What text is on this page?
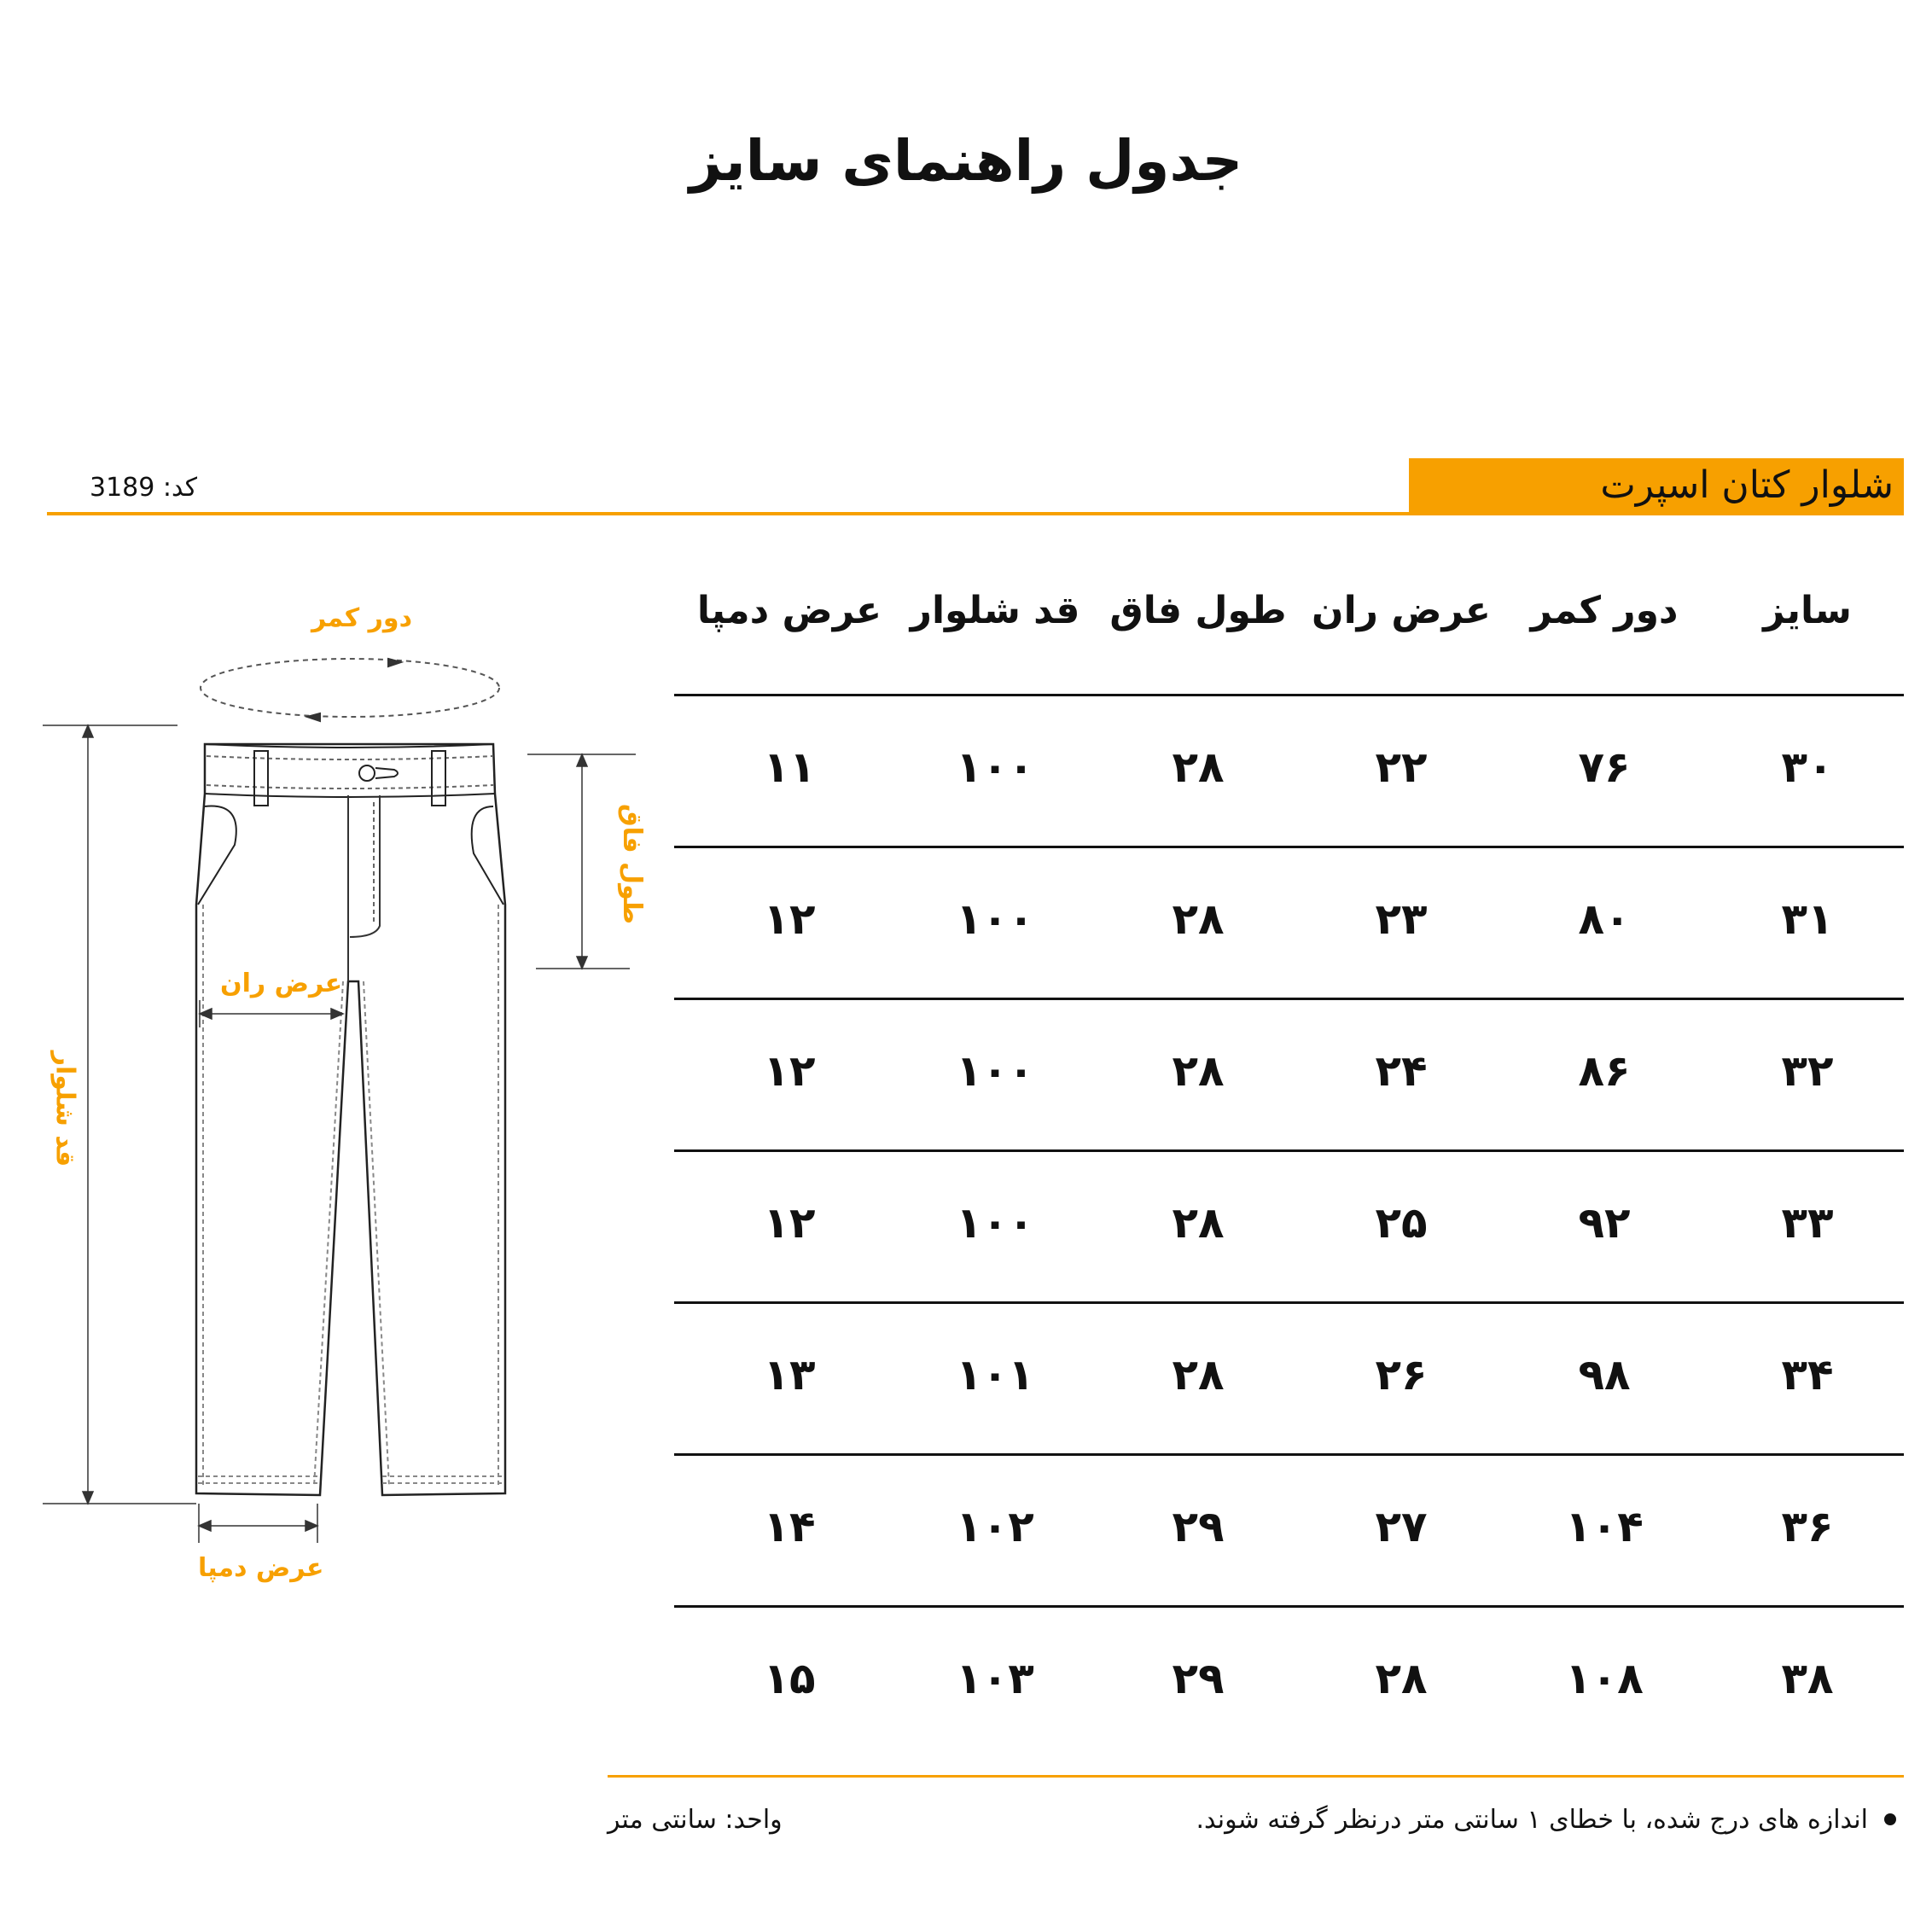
جدول راهنمای سایز
شلوار کتان اسپرت
کد: 3189
سایز
دور کمر
عرض ران
طول فاق
قد شلوار
عرض دمپا
۳۰
۷۶
۲۲
۲۸
۱۰۰
۱۱
۳۱
۸۰
۲۳
۲۸
۱۰۰
۱۲
۳۲
۸۶
۲۴
۲۸
۱۰۰
۱۲
۳۳
۹۲
۲۵
۲۸
۱۰۰
۱۲
۳۴
۹۸
۲۶
۲۸
۱۰۱
۱۳
۳۶
۱۰۴
۲۷
۲۹
۱۰۲
۱۴
۳۸
۱۰۸
۲۸
۲۹
۱۰۳
۱۵
دور کمر
طول فاق
عرض ران
قد شلوار
عرض دمپا
اندازه های درج شده، با خطای ۱ سانتی متر درنظر گرفته شوند.
واحد: سانتی متر
